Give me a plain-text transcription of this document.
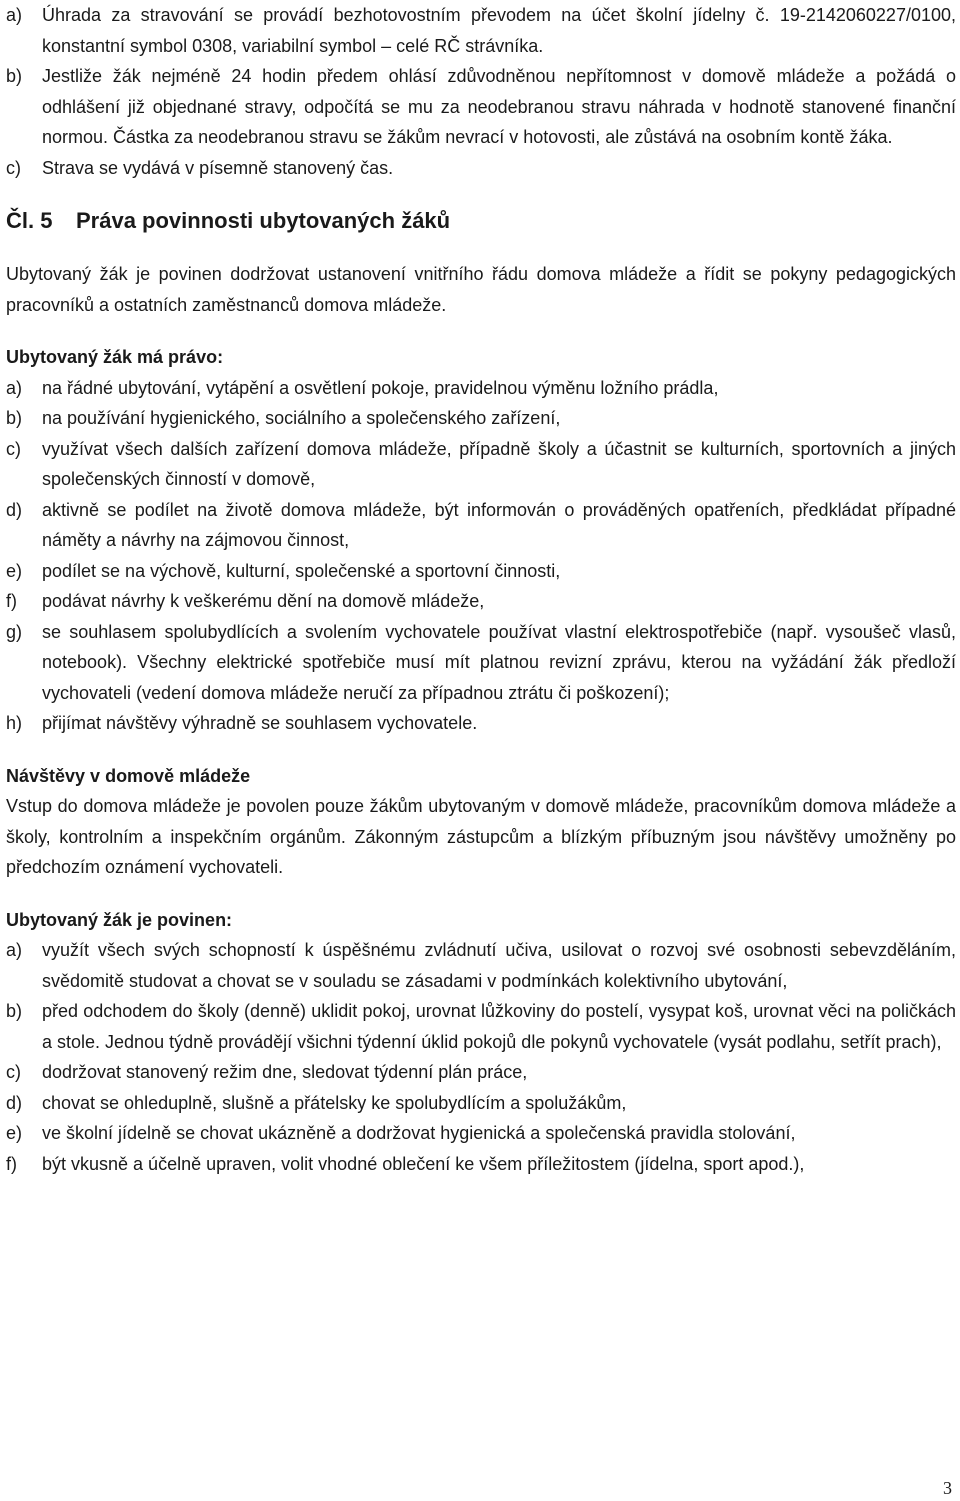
a)	Úhrada za stravování se provádí bezhotovostním převodem na účet školní jídelny č. 19-2142060227/0100, konstantní symbol 0308, variabilní symbol – celé RČ strávníka.
b)	Jestliže žák nejméně 24 hodin předem ohlásí zdůvodněnou nepřítomnost v domově mládeže a požádá o odhlášení již objednané stravy, odpočítá se mu za neodebranou stravu náhrada v hodnotě stanovené finanční normou. Částka za neodebranou stravu se žákům nevrací v hotovosti, ale zůstává na osobním kontě žáka.
c)	Strava se vydává v písemně stanovený čas.
Čl. 5 Práva povinnosti ubytovaných žáků
Ubytovaný žák je povinen dodržovat ustanovení vnitřního řádu domova mládeže a řídit se pokyny pedagogických pracovníků a ostatních zaměstnanců domova mládeže.
Ubytovaný žák má právo:
a)	na řádné ubytování, vytápění a osvětlení pokoje, pravidelnou výměnu ložního prádla,
b)	na používání hygienického, sociálního a společenského zařízení,
c)	využívat všech dalších zařízení domova mládeže, případně školy a účastnit se kulturních, sportovních a jiných společenských činností v domově,
d)	aktivně se podílet na životě domova mládeže, být informován o prováděných opatřeních, předkládat případné náměty a návrhy na zájmovou činnost,
e)	podílet se na výchově, kulturní, společenské a sportovní činnosti,
f)	podávat návrhy k veškerému dění na domově mládeže,
g)	se souhlasem spolubydlících a svolením vychovatele používat vlastní elektrospotřebiče (např. vysoušeč vlasů, notebook). Všechny elektrické spotřebiče musí mít platnou revizní zprávu, kterou na vyžádání žák předloží vychovateli (vedení domova mládeže neručí za případnou ztrátu či poškození);
h)	přijímat návštěvy výhradně se souhlasem vychovatele.
Návštěvy v domově mládeže
Vstup do domova mládeže je povolen pouze žákům ubytovaným v domově mládeže, pracovníkům domova mládeže a školy, kontrolním a inspekčním orgánům. Zákonným zástupcům a blízkým příbuzným jsou návštěvy umožněny po předchozím oznámení vychovateli.
Ubytovaný žák je povinen:
a)	využít všech svých schopností k úspěšnému zvládnutí učiva, usilovat o rozvoj své osobnosti sebevzděláním, svědomitě studovat a chovat se v souladu se zásadami v podmínkách kolektivního ubytování,
b)	před odchodem do školy (denně) uklidit pokoj, urovnat lůžkoviny do postelí, vysypat koš, urovnat věci na poličkách a stole. Jednou týdně provádějí všichni týdenní úklid pokojů dle pokynů vychovatele (vysát podlahu, setřít prach),
c)	dodržovat stanovený režim dne, sledovat týdenní plán práce,
d)	chovat se ohleduplně, slušně a přátelsky ke spolubydlícím a spolužákům,
e)	ve školní jídelně se chovat ukázněně a dodržovat hygienická a společenská pravidla stolování,
f)	být vkusně a účelně upraven, volit vhodné oblečení ke všem příležitostem (jídelna, sport apod.),
3
